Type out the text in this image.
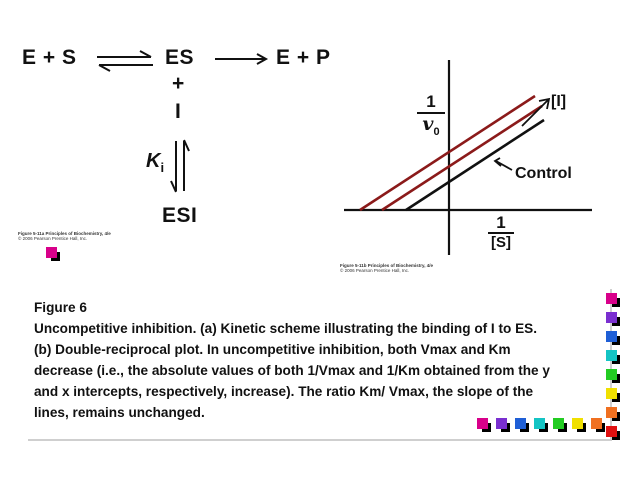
E + S ⇌ ES	E + P
+
I
$K_i$
ESI
Figure 5-11a Principles of Biochemistry, 4/e
© 2006 Pearson Prentice Hall, Inc.
1
$v_0$
[I]
Control
1
[S]
Figure 5-11b Principles of Biochemistry, 4/e
© 2006 Pearson Prentice Hall, Inc.
Figure 6
Uncompetitive inhibition. (a) Kinetic scheme illustrating the binding of I to ES.
(b) Double-reciprocal plot. In uncompetitive inhibition, both Vmax and Km
decrease (i.e., the absolute values of both 1/Vmax and 1/Km obtained from the y
and x intercepts, respectively, increase). The ratio Km/ Vmax, the slope of the
lines, remains unchanged.
